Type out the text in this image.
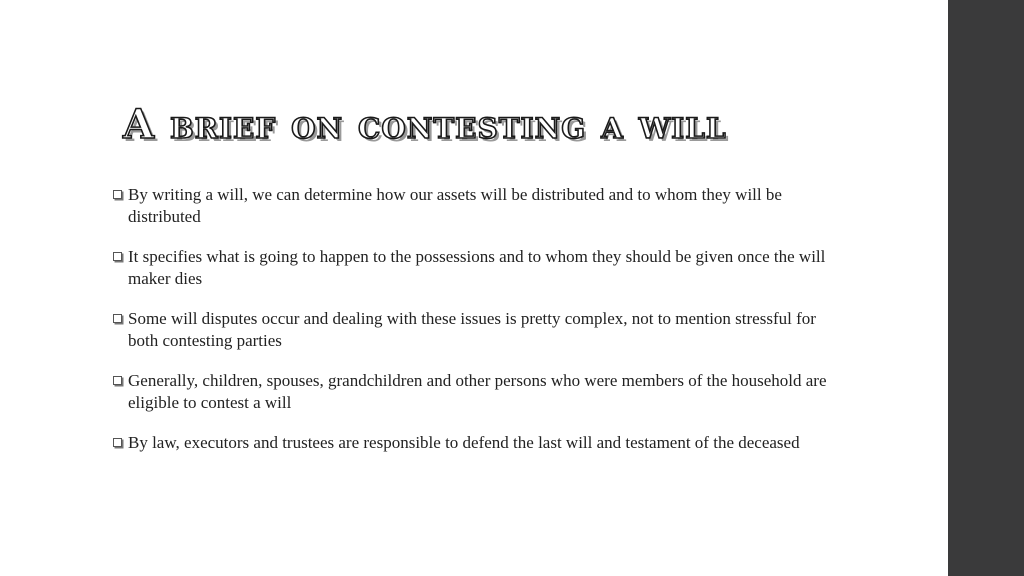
A brief on contesting a will
By writing a will, we can determine how our assets will be distributed and to whom they will be distributed
It specifies what is going to happen to the possessions and to whom they should be given once the will maker dies
Some will disputes occur and dealing with these issues is pretty complex, not to mention stressful for both contesting parties
Generally, children, spouses, grandchildren and other persons who were members of the household are eligible to contest a will
By law, executors and trustees are responsible to defend the last will and testament of the deceased
